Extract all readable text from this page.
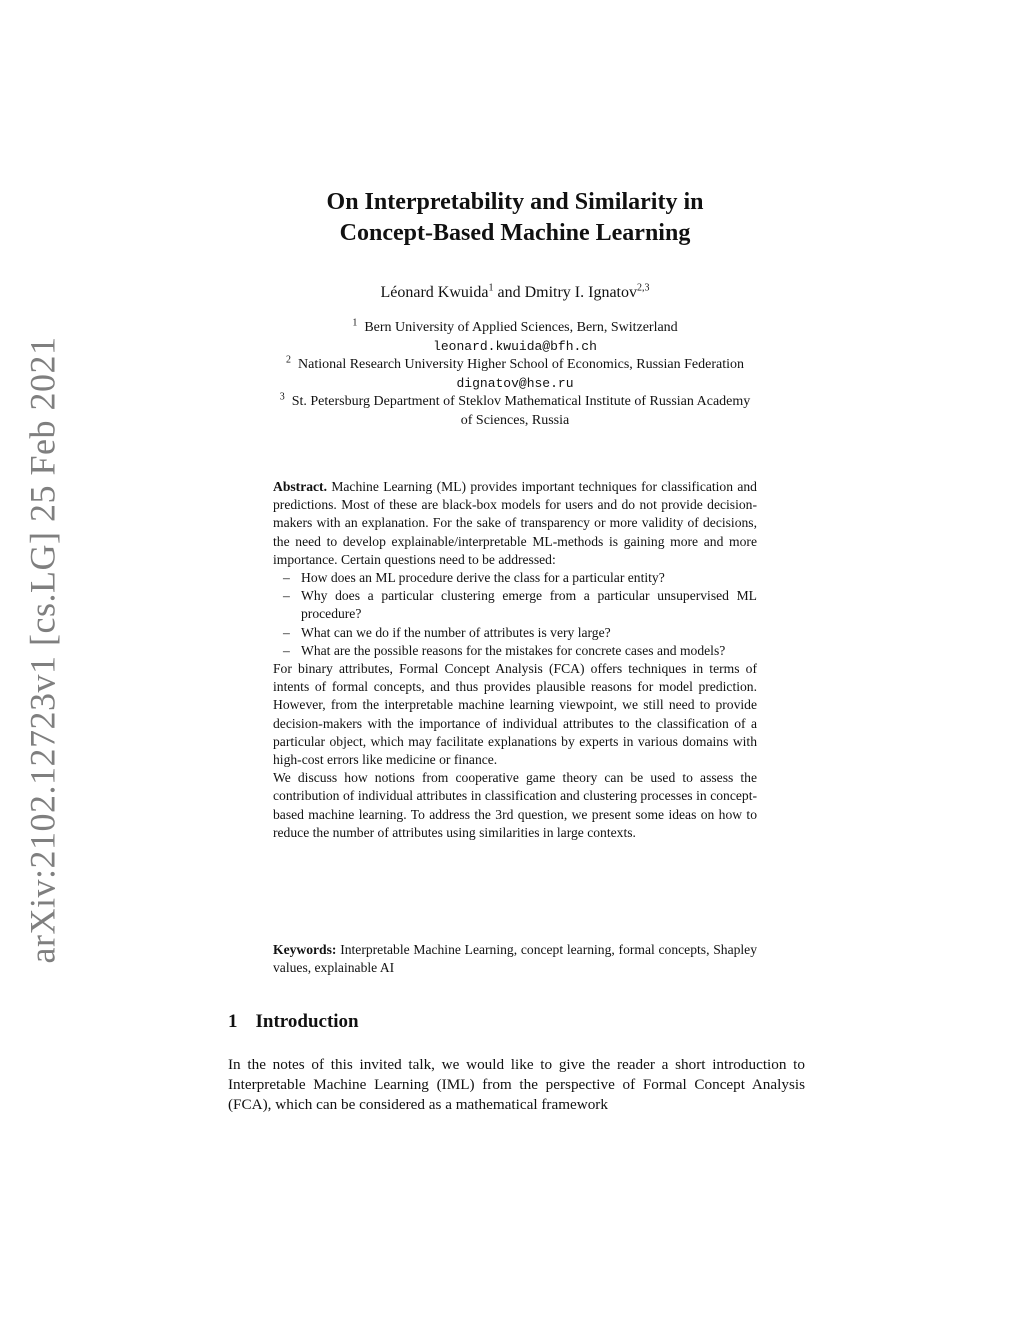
arXiv:2102.12723v1 [cs.LG] 25 Feb 2021
On Interpretability and Similarity in
Concept-Based Machine Learning
Léonard Kwuida$^1$ and Dmitry I. Ignatov$^{2,3}$
$^1$ Bern University of Applied Sciences, Bern, Switzerland
leonard.kwuida@bfh.ch
$^2$ National Research University Higher School of Economics, Russian Federation
dignatov@hse.ru
$^3$ St. Petersburg Department of Steklov Mathematical Institute of Russian Academy
of Sciences, Russia

Abstract. Machine Learning (ML) provides important techniques for classification and predictions. Most of these are black-box models for users and do not provide decision-makers with an explanation. For the sake of transparency or more validity of decisions, the need to develop explainable/interpretable ML-methods is gaining more and more importance. Certain questions need to be addressed:

– How does an ML procedure derive the class for a particular entity?
– Why does a particular clustering emerge from a particular unsupervised ML procedure?
– What can we do if the number of attributes is very large?
– What are the possible reasons for the mistakes for concrete cases and models?

For binary attributes, Formal Concept Analysis (FCA) offers techniques in terms of intents of formal concepts, and thus provides plausible reasons for model prediction. However, from the interpretable machine learning viewpoint, we still need to provide decision-makers with the importance of individual attributes to the classification of a particular object, which may facilitate explanations by experts in various domains with high-cost errors like medicine or finance.

We discuss how notions from cooperative game theory can be used to assess the contribution of individual attributes in classification and clustering processes in concept-based machine learning. To address the 3rd question, we present some ideas on how to reduce the number of attributes using similarities in large contexts.

Keywords: Interpretable Machine Learning, concept learning, formal concepts, Shapley values, explainable AI
1 Introduction

In the notes of this invited talk, we would like to give the reader a short introduction to Interpretable Machine Learning (IML) from the perspective of Formal Concept Analysis (FCA), which can be considered as a mathematical framework
